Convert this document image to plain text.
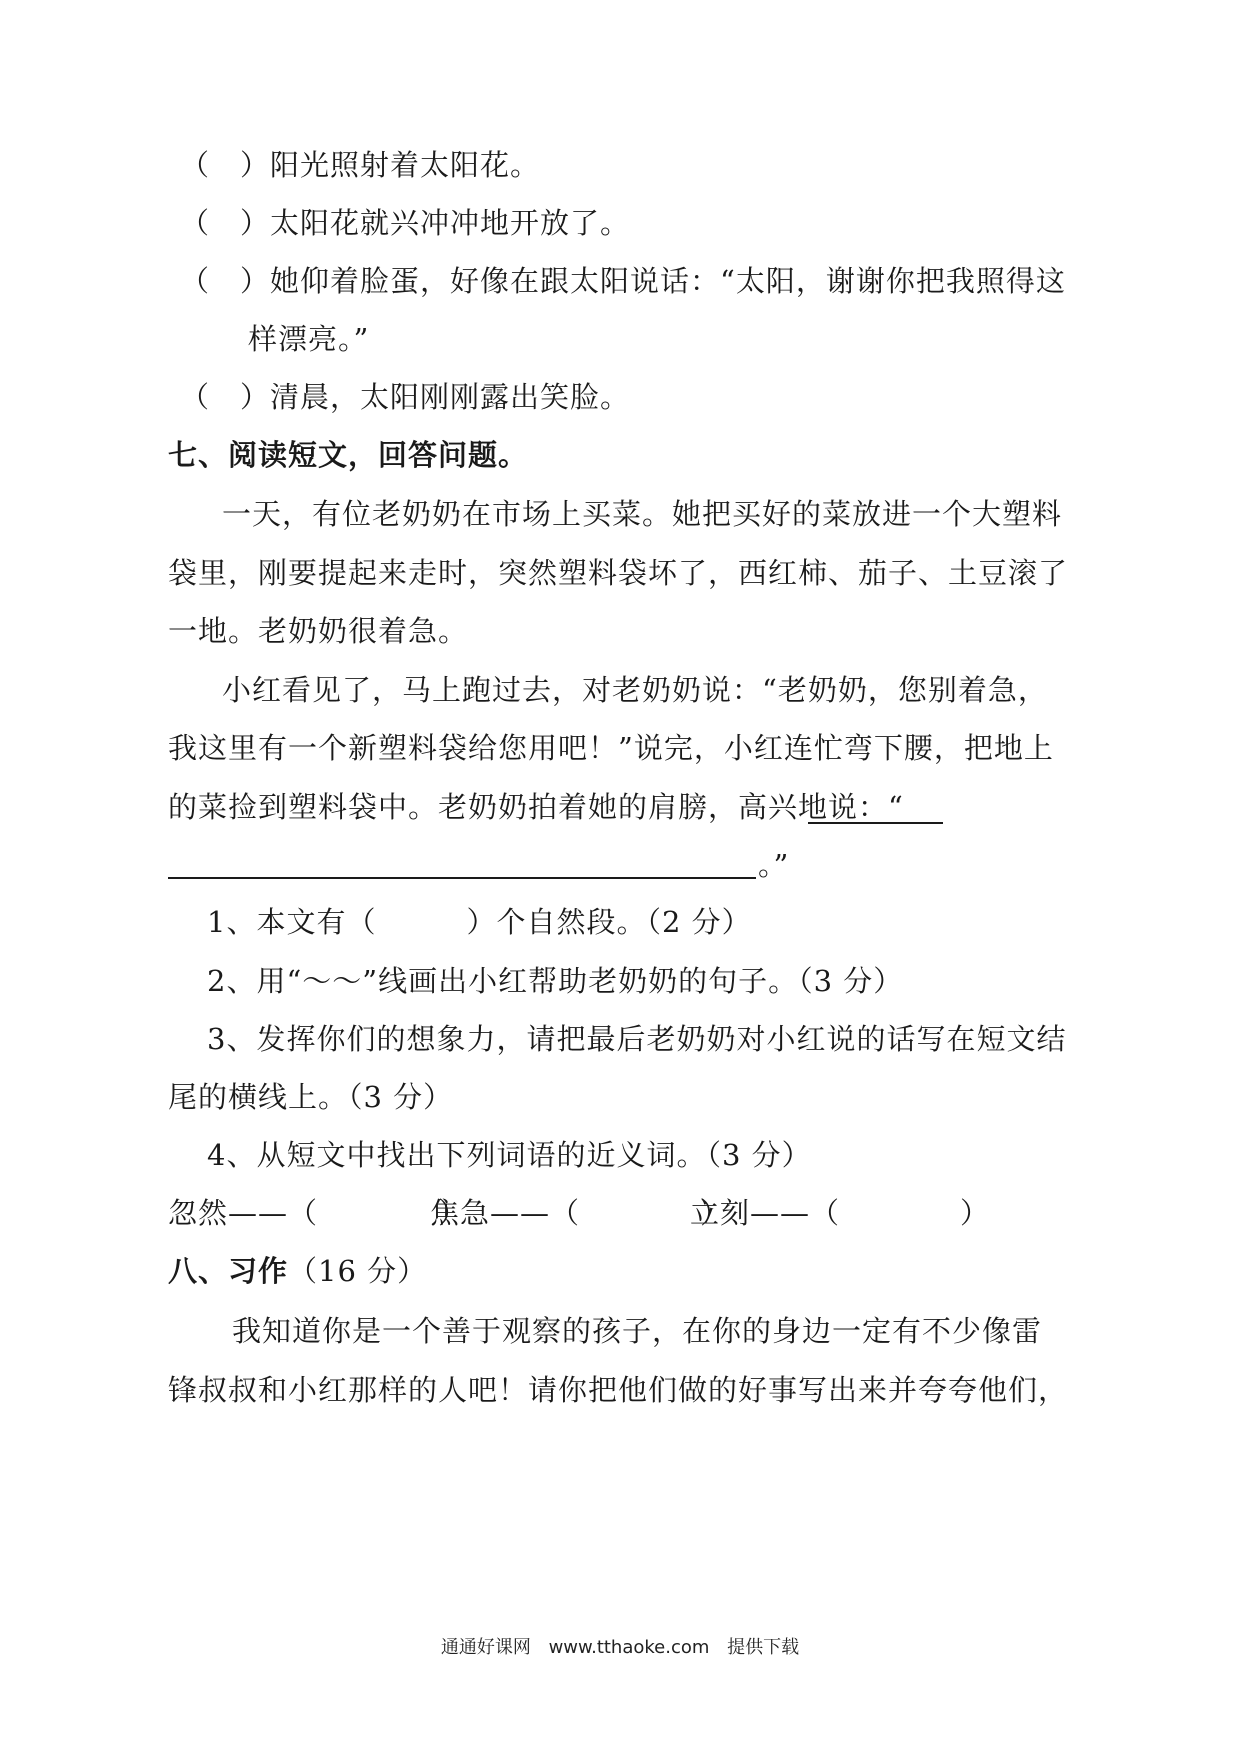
（　）阳光照射着太阳花。
（　）太阳花就兴冲冲地开放了。
（　）她仰着脸蛋，好像在跟太阳说话：“太阳，谢谢你把我照得这
样漂亮。”
（　）清晨，太阳刚刚露出笑脸。
七、阅读短文，回答问题。
一天，有位老奶奶在市场上买菜。她把买好的菜放进一个大塑料
袋里，刚要提起来走时，突然塑料袋坏了，西红柿、茄子、土豆滚了
一地。老奶奶很着急。
小红看见了，马上跑过去，对老奶奶说：“老奶奶，您别着急，
我这里有一个新塑料袋给您用吧！”说完，小红连忙弯下腰，把地上
的菜捡到塑料袋中。老奶奶拍着她的肩膀，高兴地说：“
。”
1、本文有（　　　）个自然段。（2 分）
2、用“～～”线画出小红帮助老奶奶的句子。（3 分）
3、发挥你们的想象力，请把最后老奶奶对小红说的话写在短文结
尾的横线上。（3 分）
4、从短文中找出下列词语的近义词。（3 分）
忽然——（　　　　）
焦急——（　　　　）
立刻——（　　　　）
八、习作（16 分）
我知道你是一个善于观察的孩子，在你的身边一定有不少像雷
锋叔叔和小红那样的人吧！请你把他们做的好事写出来并夸夸他们，
通通好课网 www.tthaoke.com 提供下载
